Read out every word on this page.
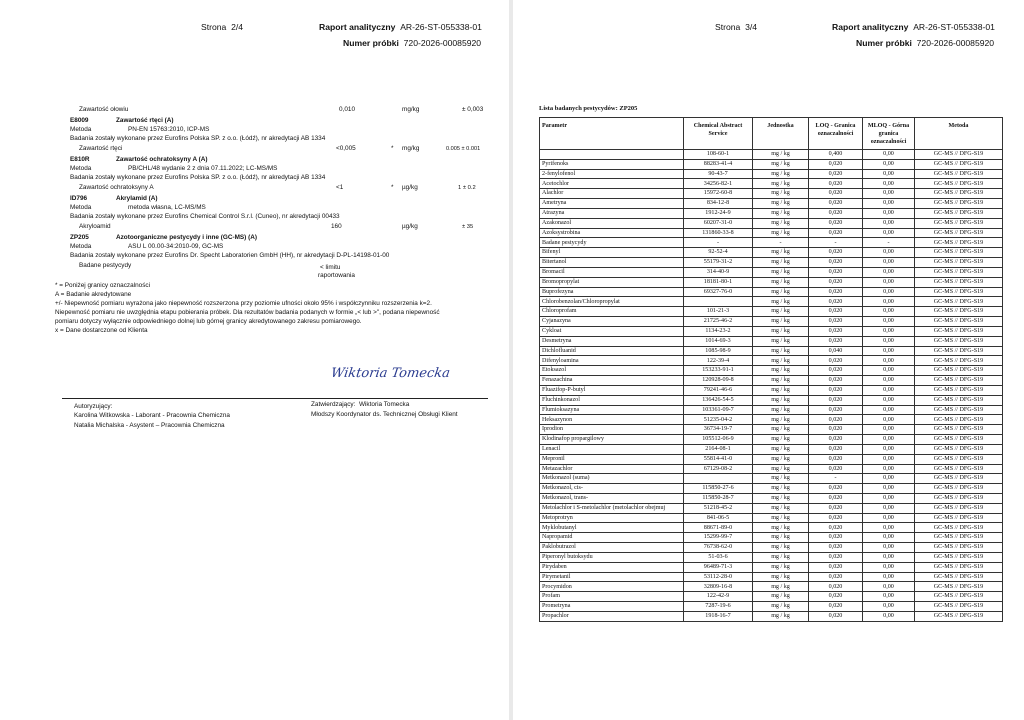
Strona 2/4	Raport analityczny AR-26-ST-055338-01
Numer próbki 720-2026-00085920
Zawartość ołowiu	0,010	mg/kg	± 0,003
E8009	Zawartość rtęci (A)
Metoda	PN-EN 15763:2010, ICP-MS
Badania zostały wykonane przez Eurofins Polska SP. z o.o. (Łódź), nr akredytacji AB 1334
Zawartość rtęci	<0,005	* mg/kg	0.005 ± 0.001
E810R	Zawartość ochratoksyny A (A)
Metoda	PB/CHL/48 wydanie 2 z dnia 07.11.2022; LC-MS/MS
Badania zostały wykonane przez Eurofins Polska SP. z o.o. (Łódź), nr akredytacji AB 1334
Zawartość ochratoksyny A	<1	* µg/kg	1 ± 0.2
ID796	Akrylamid (A)
Metoda	metoda własna, LC-MS/MS
Badania zostały wykonane przez Eurofins Chemical Control S.r.l. (Cuneo), nr akredytacji 00433
Akryloamid	160	µg/kg	± 35
ZP205	Azotoorganiczne pestycydy i inne (GC-MS) (A)
Metoda	ASU L 00.00-34:2010-09, GC-MS
Badania zostały wykonane przez Eurofins Dr. Specht Laboratorien GmbH (HH), nr akredytacji D-PL-14198-01-00
Badane pestycydy	< limitu
raportowania
* = Poniżej granicy oznaczalności
A = Badanie akredytowane
+/- Niepewność pomiaru wyrażona jako niepewność rozszerzona przy poziomie ufności około 95% i współczynniku rozszerzenia k=2.
Niepewność pomiaru nie uwzględnia etapu pobierania próbek. Dla rezultatów badania podanych w formie „< lub >", podana niepewność
pomiaru dotyczy wyłącznie odpowiedniego dolnej lub górnej granicy akredytowanego zakresu pomiarowego.
x = Dane dostarczone od Klienta
Wiktoria Tomecka
Autoryzujący:
Karolina Witkowska - Laborant - Pracownia Chemiczna
Natalia Michalska - Asystent – Pracownia Chemiczna
Zatwierdzający: Wiktoria Tomecka
Młodszy Koordynator ds. Technicznej Obsługi Klient
Strona 3/4	Raport analityczny AR-26-ST-055338-01
Numer próbki 720-2026-00085920
Lista badanych pestycydów: ZP205
Parametr	Chemical Abstract Service	Jednostka	LOQ - Granica oznaczalności	MLOQ - Górna granica oznaczalności	Metoda
	108-60-1	mg / kg	0,400	0,00	GC-MS // DFG-S19
Pyrifenoks	88283-41-4	mg / kg	0,020	0,00	GC-MS // DFG-S19
2-fenylofenol	90-43-7	mg / kg	0,020	0,00	GC-MS // DFG-S19
Acetochlor	34256-82-1	mg / kg	0,020	0,00	GC-MS // DFG-S19
Alachlor	15972-60-8	mg / kg	0,020	0,00	GC-MS // DFG-S19
Ametryna	834-12-8	mg / kg	0,020	0,00	GC-MS // DFG-S19
Atrazyna	1912-24-9	mg / kg	0,020	0,00	GC-MS // DFG-S19
Azakonazol	60207-31-0	mg / kg	0,020	0,00	GC-MS // DFG-S19
Azoksystrobina	131860-33-8	mg / kg	0,020	0,00	GC-MS // DFG-S19
Badane pestycydy	-	-	-	-	GC-MS // DFG-S19
Bifenyl	92-52-4	mg / kg	0,020	0,00	GC-MS // DFG-S19
Bitertanol	55179-31-2	mg / kg	0,020	0,00	GC-MS // DFG-S19
Bromacil	314-40-9	mg / kg	0,020	0,00	GC-MS // DFG-S19
Bromopropylat	18181-80-1	mg / kg	0,020	0,00	GC-MS // DFG-S19
Buprofezyna	69327-76-0	mg / kg	0,020	0,00	GC-MS // DFG-S19
Chlorobenzolan/Chloropropylat		mg / kg	0,020	0,00	GC-MS // DFG-S19
Chloroprofam	101-21-3	mg / kg	0,020	0,00	GC-MS // DFG-S19
Cyjanazyna	21725-46-2	mg / kg	0,020	0,00	GC-MS // DFG-S19
Cykloat	1134-23-2	mg / kg	0,020	0,00	GC-MS // DFG-S19
Desmetryna	1014-69-3	mg / kg	0,020	0,00	GC-MS // DFG-S19
Dichlofluanid	1085-98-9	mg / kg	0,040	0,00	GC-MS // DFG-S19
Difenyloamina	122-39-4	mg / kg	0,020	0,00	GC-MS // DFG-S19
Etoksazol	153233-91-1	mg / kg	0,020	0,00	GC-MS // DFG-S19
Fenazachina	120928-09-8	mg / kg	0,020	0,00	GC-MS // DFG-S19
Fluazifop-P-butyl	79241-46-6	mg / kg	0,020	0,00	GC-MS // DFG-S19
Fluchinkonazol	136426-54-5	mg / kg	0,020	0,00	GC-MS // DFG-S19
Flumioksazyna	103361-09-7	mg / kg	0,020	0,00	GC-MS // DFG-S19
Heksazynon	51235-04-2	mg / kg	0,020	0,00	GC-MS // DFG-S19
Iprodion	36734-19-7	mg / kg	0,020	0,00	GC-MS // DFG-S19
Klodinafop propargilowy	105512-06-9	mg / kg	0,020	0,00	GC-MS // DFG-S19
Lenacil	2164-08-1	mg / kg	0,020	0,00	GC-MS // DFG-S19
Mepronil	55814-41-0	mg / kg	0,020	0,00	GC-MS // DFG-S19
Metazachlor	67129-08-2	mg / kg	0,020	0,00	GC-MS // DFG-S19
Metkonazol (suma)		mg / kg	-	0,00	GC-MS // DFG-S19
Metkonazol, cis-	115850-27-6	mg / kg	0,020	0,00	GC-MS // DFG-S19
Metkonazol, trans-	115850-28-7	mg / kg	0,020	0,00	GC-MS // DFG-S19
Metolachlor i S-metolachlor (metolachlor obejmuj	51218-45-2	mg / kg	0,020	0,00	GC-MS // DFG-S19
Metoprotryn	841-06-5	mg / kg	0,020	0,00	GC-MS // DFG-S19
Myklobutanyl	88671-89-0	mg / kg	0,020	0,00	GC-MS // DFG-S19
Napropamid	15299-99-7	mg / kg	0,020	0,00	GC-MS // DFG-S19
Paklobutrazol	76738-62-0	mg / kg	0,020	0,00	GC-MS // DFG-S19
Piperonyl butoksydu	51-03-6	mg / kg	0,020	0,00	GC-MS // DFG-S19
Pirydaben	96489-71-3	mg / kg	0,020	0,00	GC-MS // DFG-S19
Pirymetanil	53112-28-0	mg / kg	0,020	0,00	GC-MS // DFG-S19
Procymidon	32809-16-8	mg / kg	0,020	0,00	GC-MS // DFG-S19
Profam	122-42-9	mg / kg	0,020	0,00	GC-MS // DFG-S19
Prometryna	7287-19-6	mg / kg	0,020	0,00	GC-MS // DFG-S19
Propachlor	1918-16-7	mg / kg	0,020	0,00	GC-MS // DFG-S19
